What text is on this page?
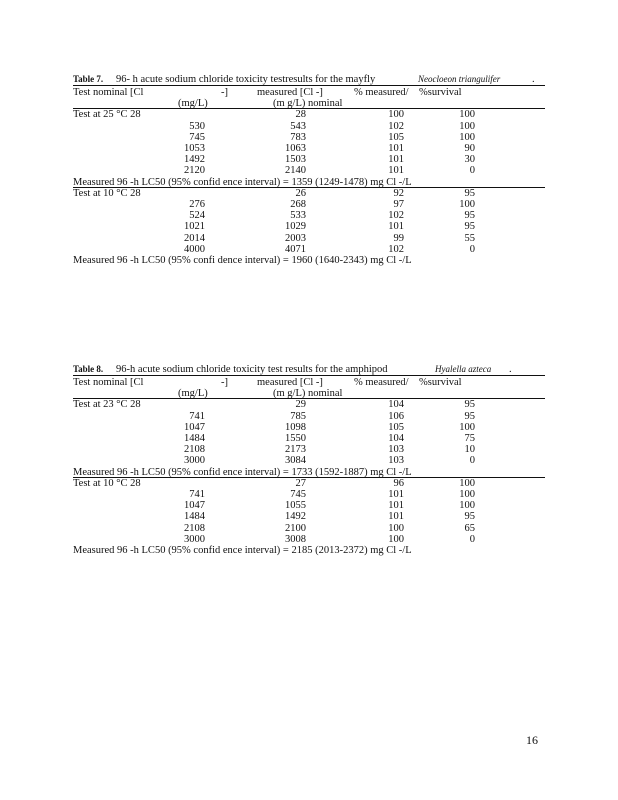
Table 7. 96- h acute sodium chloride toxicity testresults for the mayfly	Neocloeon triangulifer	.
Test nominal [Cl	-]	measured [Cl -]	% measured/ %survival
(mg/L)	(m g/L) nominal
Test at 25 °C 28	28	100	100
530	543	102	100
745	783	105	100
1053	1063	101	90
1492	1503	101	30
2120	2140	101	0
Measured 96 -h LC50 (95% confid ence interval) = 1359 (1249-1478) mg Cl -/L
Test at 10 °C 28	26	92	95
276	268	97	100
524	533	102	95
1021	1029	101	95
2014	2003	99	55
4000	4071	102	0
Measured 96 -h LC50 (95% confi dence interval) = 1960 (1640-2343) mg Cl -/L
Table 8. 96-h acute sodium chloride toxicity test results for the amphipod	Hyalella azteca .
Test nominal [Cl	-]	measured [Cl -]	% measured/ %survival
(mg/L)	(m g/L) nominal
Test at 23 °C 28	29	104	95
741	785	106	95
1047	1098	105	100
1484	1550	104	75
2108	2173	103	10
3000	3084	103	0
Measured 96 -h LC50 (95% confid ence interval) = 1733 (1592-1887) mg Cl -/L
Test at 10 °C 28	27	96	100
741	745	101	100
1047	1055	101	100
1484	1492	101	95
2108	2100	100	65
3000	3008	100	0
Measured 96 -h LC50 (95% confid ence interval) = 2185 (2013-2372) mg Cl -/L
16
